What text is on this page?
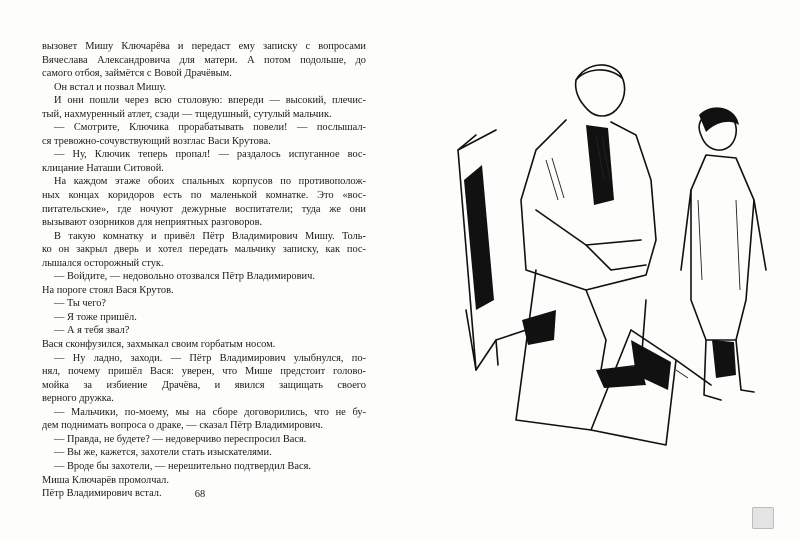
вызовет Мишу Ключарёва и передаст ему записку с вопросами
Вячеслава Александровича для матери. А потом подольше, до
самого отбоя, займётся с Вовой Драчёвым.
Он встал и позвал Мишу.
И они пошли через всю столовую: впереди — высокий, плечис-
тый, нахмуренный атлет, сзади — тщедушный, сутулый мальчик.
— Смотрите, Ключика прорабатывать повели! — послышал-
ся тревожно-сочувствующий возглас Васи Крутова.
— Ну, Ключик теперь пропал! — раздалось испуганное вос-
клицание Наташи Ситовой.
На каждом этаже обоих спальных корпусов по противополож-
ных концах коридоров есть по маленькой комнатке. Это «вос-
питательские», где ночуют дежурные воспитатели; туда же они
вызывают озорников для неприятных разговоров.
В такую комнатку и привёл Пётр Владимирович Мишу. Толь-
ко он закрыл дверь и хотел передать мальчику записку, как пос-
лышался осторожный стук.
— Войдите, — недовольно отозвался Пётр Владимирович.
На пороге стоял Вася Крутов.
— Ты чего?
— Я тоже пришёл.
— А я тебя звал?
Вася сконфузился, захмыкал своим горбатым носом.
— Ну ладно, заходи. — Пётр Владимирович улыбнулся, по-
нял, почему пришёл Вася: уверен, что Мише предстоит голово-
мойка за избиение Драчёва, и явился защищать своего
верного дружка.
— Мальчики, по-моему, мы на сборе договорились, что не бу-
дем поднимать вопроса о драке, — сказал Пётр Владимирович.
— Правда, не будете? — недоверчиво переспросил Вася.
— Вы же, кажется, захотели стать изыскателями.
— Вроде бы захотели, — нерешительно подтвердил Вася.
Миша Ключарёв промолчал.
Пётр Владимирович встал.	68
